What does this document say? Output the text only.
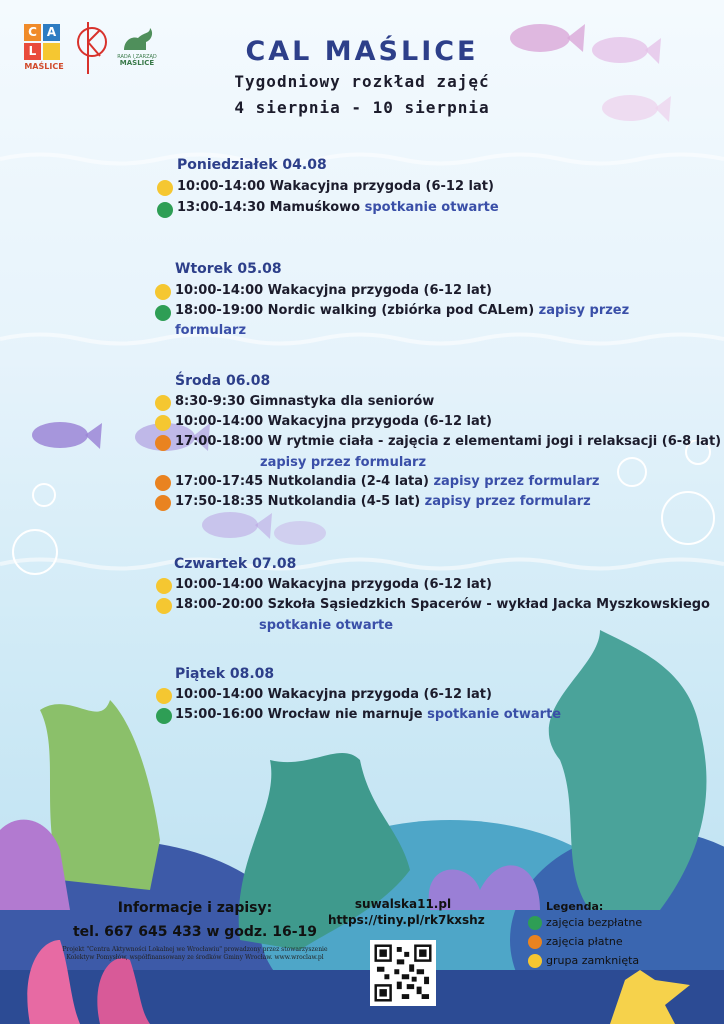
C A
L
MAŚLICE
RADA I ZARZĄD
MAŚLICE	CAL MAŚLICE
Tygodniowy rozkład zajęć
4 sierpnia - 10 sierpnia
Poniedziałek 04.08
10:00-14:00 Wakacyjna przygoda (6-12 lat)
13:00-14:30 Mamuśkowo spotkanie otwarte
Wtorek 05.08
10:00-14:00 Wakacyjna przygoda (6-12 lat)
18:00-19:00 Nordic walking (zbiórka pod CALem) zapisy przez
formularz
Środa 06.08
8:30-9:30 Gimnastyka dla seniorów
10:00-14:00 Wakacyjna przygoda (6-12 lat)
17:00-18:00 W rytmie ciała - zajęcia z elementami jogi i relaksacji (6-8 lat)
zapisy przez formularz
17:00-17:45 Nutkolandia (2-4 lata) zapisy przez formularz
17:50-18:35 Nutkolandia (4-5 lat) zapisy przez formularz
Czwartek 07.08
10:00-14:00 Wakacyjna przygoda (6-12 lat)
18:00-20:00 Szkoła Sąsiedzkich Spacerów - wykład Jacka Myszkowskiego
spotkanie otwarte
Piątek 08.08
10:00-14:00 Wakacyjna przygoda (6-12 lat)
15:00-16:00 Wrocław nie marnuje spotkanie otwarte
Informacje i zapisy:
tel. 667 645 433 w godz. 16-19
Projekt "Centra Aktywności Lokalnej we Wrocławiu" prowadzony przez stowarzyszenie Kolektyw Pomysłów, współfinansowany ze środków Gminy Wrocław. www.wroclaw.pl
suwalska11.pl
https://tiny.pl/rk7kxshz
Legenda:
zajęcia bezpłatne
zajęcia płatne
grupa zamknięta
